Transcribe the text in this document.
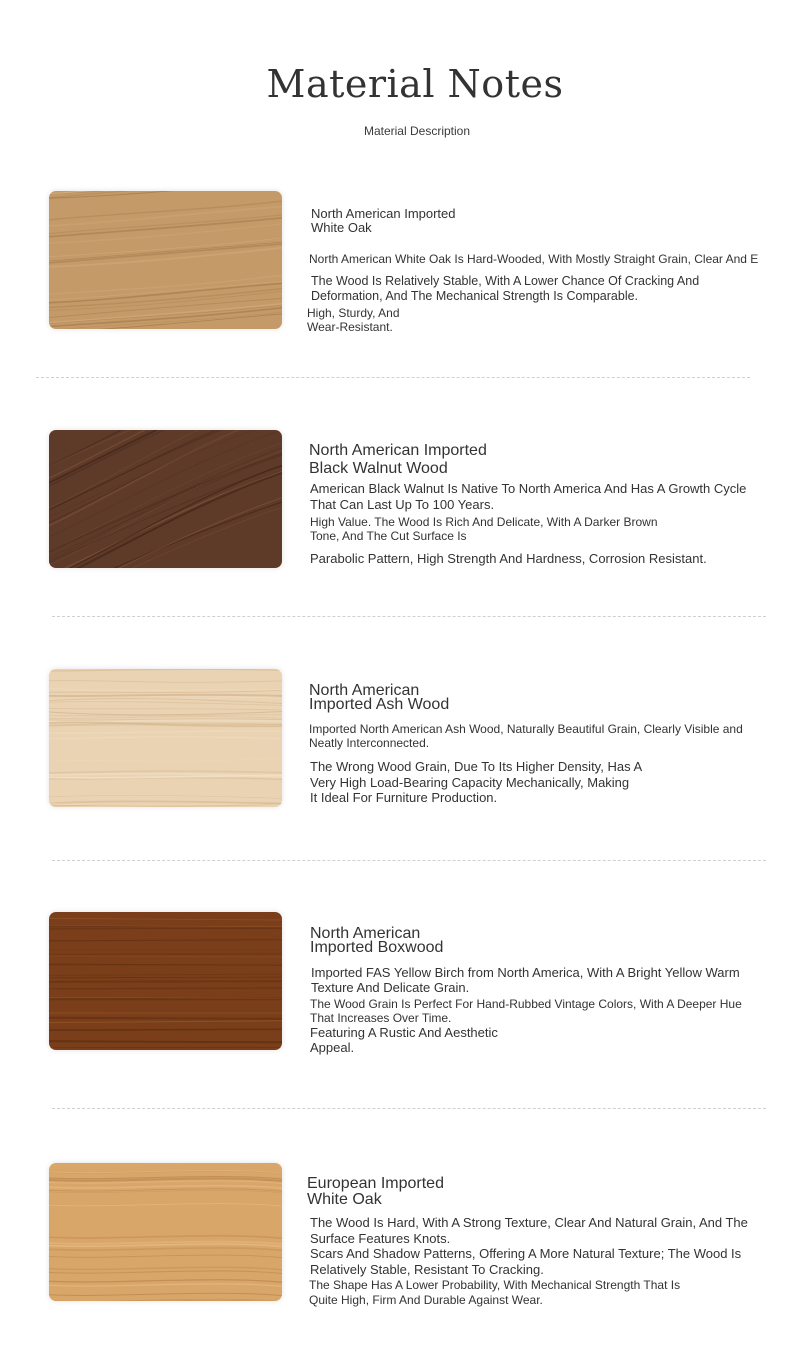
Material Notes
Material Description
North American Imported
White Oak
North American White Oak Is Hard-Wooded, With Mostly Straight Grain, Clear And E
The Wood Is Relatively Stable, With A Lower Chance Of Cracking And
Deformation, And The Mechanical Strength Is Comparable.
High, Sturdy, And
Wear-Resistant.
North American Imported
Black Walnut Wood
American Black Walnut Is Native To North America And Has A Growth Cycle
That Can Last Up To 100 Years.
High Value. The Wood Is Rich And Delicate, With A Darker Brown
Tone, And The Cut Surface Is
Parabolic Pattern, High Strength And Hardness, Corrosion Resistant.
North American
Imported Ash Wood
Imported North American Ash Wood, Naturally Beautiful Grain, Clearly Visible and
Neatly Interconnected.
The Wrong Wood Grain, Due To Its Higher Density, Has A
Very High Load-Bearing Capacity Mechanically, Making
It Ideal For Furniture Production.
North American
Imported Boxwood
Imported FAS Yellow Birch from North America, With A Bright Yellow Warm
Texture And Delicate Grain.
The Wood Grain Is Perfect For Hand-Rubbed Vintage Colors, With A Deeper Hue
That Increases Over Time.
Featuring A Rustic And Aesthetic
Appeal.
European Imported
White Oak
The Wood Is Hard, With A Strong Texture, Clear And Natural Grain, And The
Surface Features Knots.
Scars And Shadow Patterns, Offering A More Natural Texture; The Wood Is
Relatively Stable, Resistant To Cracking.
The Shape Has A Lower Probability, With Mechanical Strength That Is
Quite High, Firm And Durable Against Wear.
